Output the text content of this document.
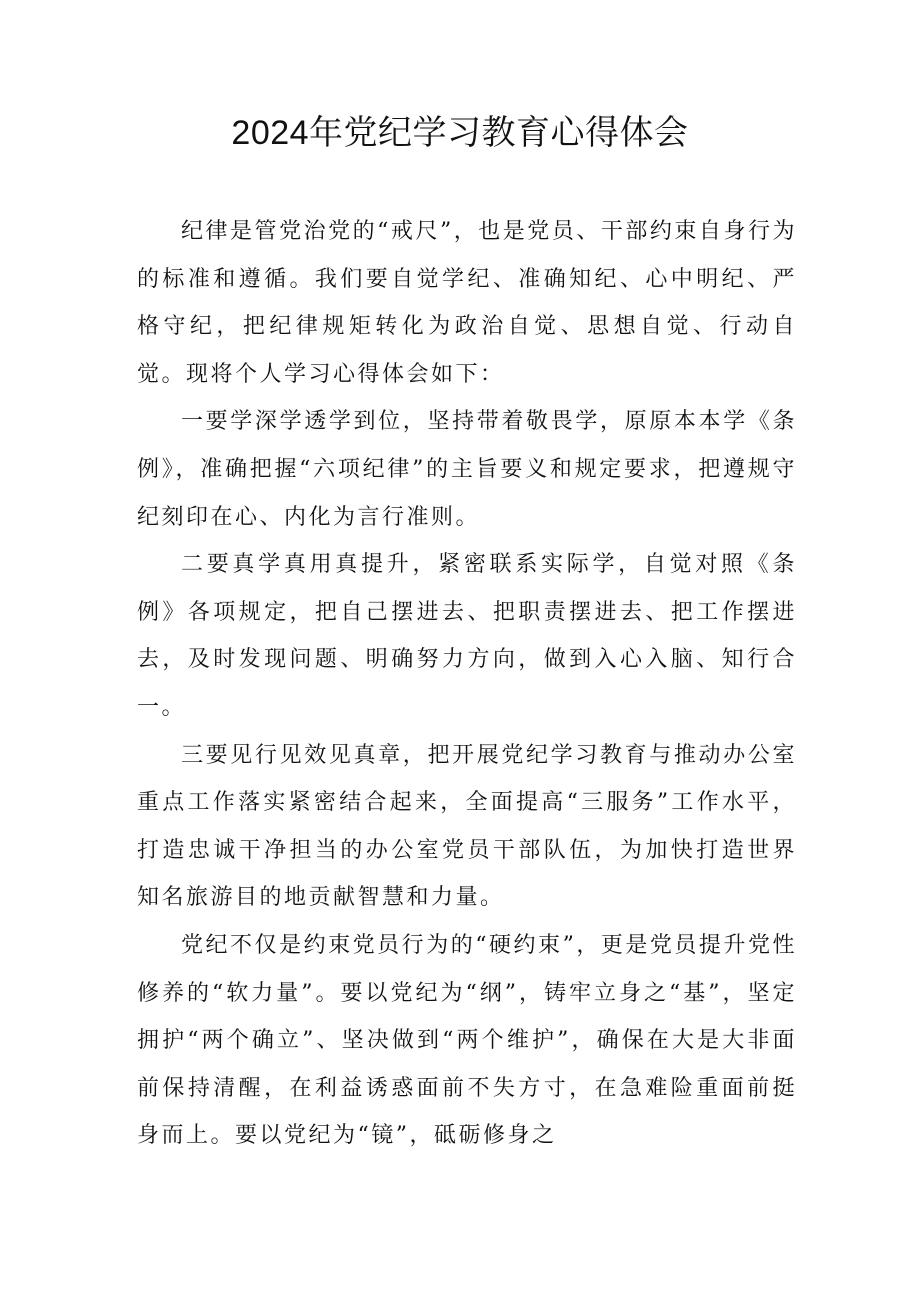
2024年党纪学习教育心得体会

纪律是管党治党的“戒尺”，也是党员、干部约束自身行为的标准和遵循。我们要自觉学纪、准确知纪、心中明纪、严格守纪，把纪律规矩转化为政治自觉、思想自觉、行动自觉。现将个人学习心得体会如下：

一要学深学透学到位，坚持带着敬畏学，原原本本学《条例》，准确把握“六项纪律”的主旨要义和规定要求，把遵规守纪刻印在心、内化为言行准则。

二要真学真用真提升，紧密联系实际学，自觉对照《条例》各项规定，把自己摆进去、把职责摆进去、把工作摆进去，及时发现问题、明确努力方向，做到入心入脑、知行合一。

三要见行见效见真章，把开展党纪学习教育与推动办公室重点工作落实紧密结合起来，全面提高“三服务”工作水平，打造忠诚干净担当的办公室党员干部队伍，为加快打造世界知名旅游目的地贡献智慧和力量。

党纪不仅是约束党员行为的“硬约束”，更是党员提升党性修养的“软力量”。要以党纪为“纲”，铸牢立身之“基”，坚定拥护“两个确立”、坚决做到“两个维护”，确保在大是大非面前保持清醒，在利益诱惑面前不失方寸，在急难险重面前挺身而上。要以党纪为“镜”，砥砺修身之
